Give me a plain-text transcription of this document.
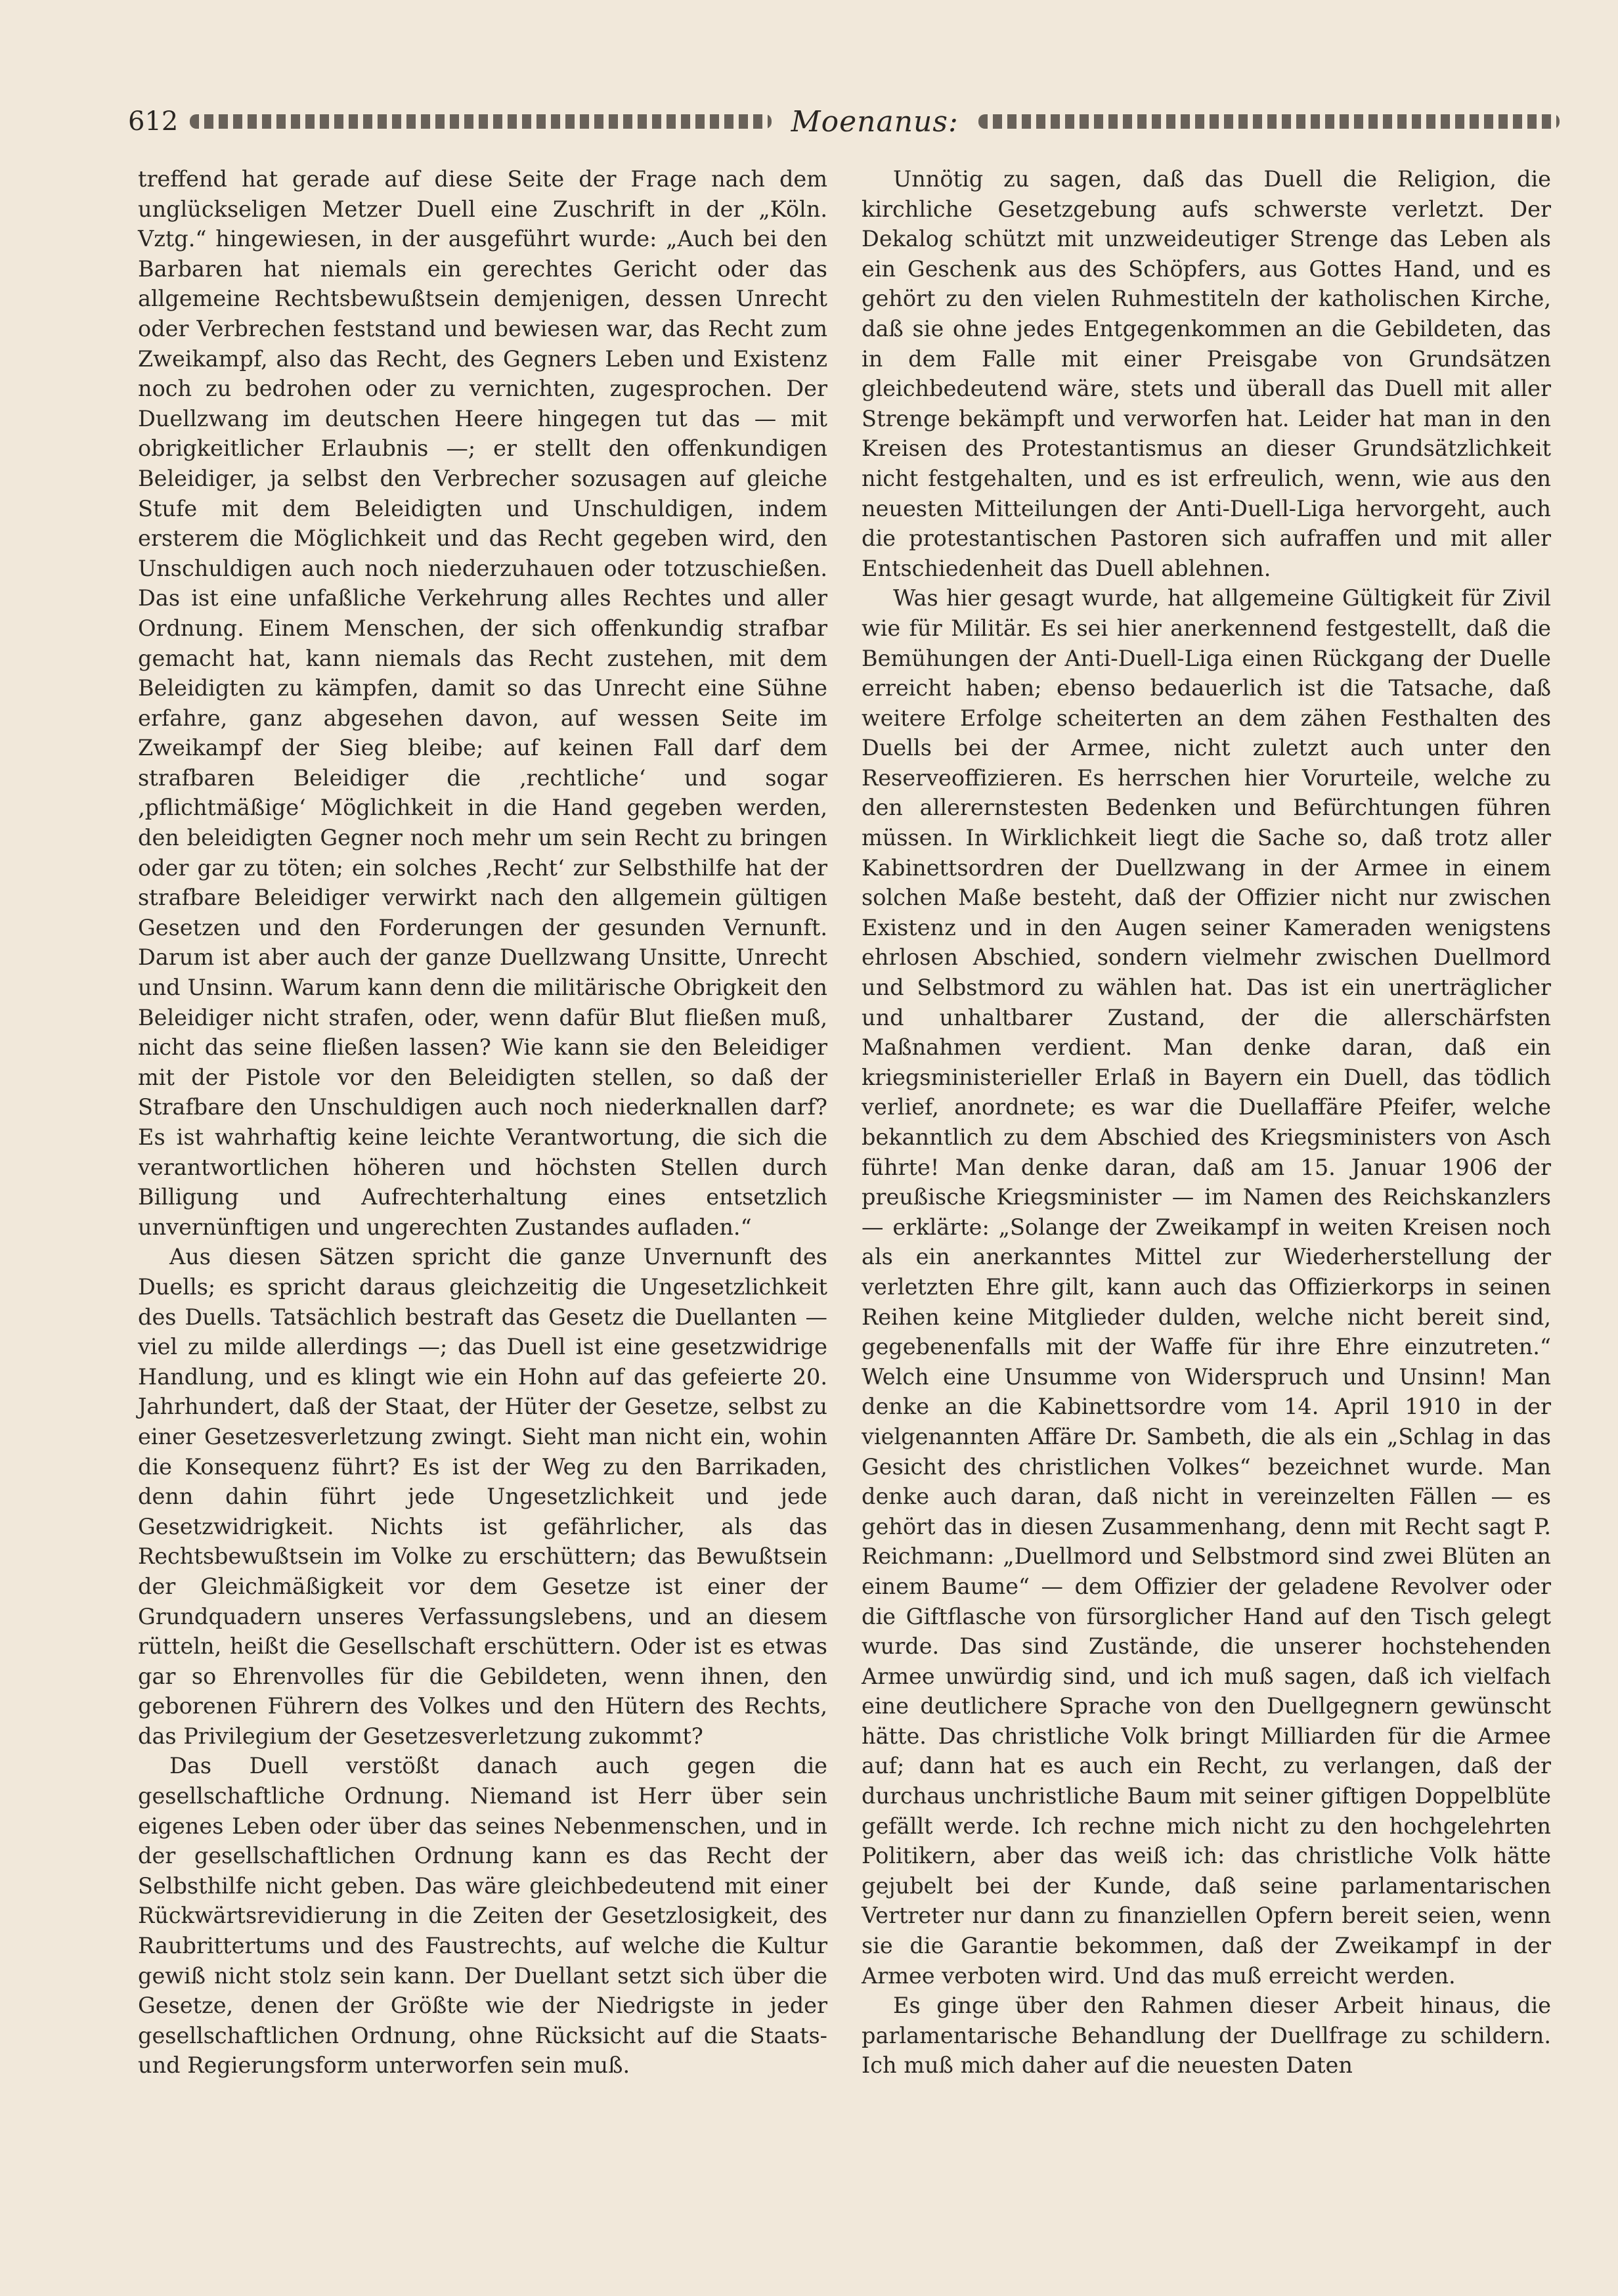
612	Moenanus:

treffend hat gerade auf diese Seite der Frage nach dem unglückseligen Metzer Duell eine Zuschrift in der „Köln. Vztg.“ hingewiesen, in der ausgeführt wurde: „Auch bei den Barbaren hat niemals ein gerechtes Gericht oder das allgemeine Rechtsbewußtsein demjenigen, dessen Unrecht oder Verbrechen feststand und bewiesen war, das Recht zum Zweikampf, also das Recht, des Gegners Leben und Existenz noch zu bedrohen oder zu vernichten, zugesprochen. Der Duellzwang im deutschen Heere hingegen tut das — mit obrigkeitlicher Erlaubnis —; er stellt den offenkundigen Beleidiger, ja selbst den Verbrecher sozusagen auf gleiche Stufe mit dem Beleidigten und Unschuldigen, indem ersterem die Möglichkeit und das Recht gegeben wird, den Unschuldigen auch noch niederzuhauen oder totzuschießen. Das ist eine unfaßliche Verkehrung alles Rechtes und aller Ordnung. Einem Menschen, der sich offenkundig strafbar gemacht hat, kann niemals das Recht zustehen, mit dem Beleidigten zu kämpfen, damit so das Unrecht eine Sühne erfahre, ganz abgesehen davon, auf wessen Seite im Zweikampf der Sieg bleibe; auf keinen Fall darf dem strafbaren Beleidiger die ‚rechtliche‘ und sogar ‚pflichtmäßige‘ Möglichkeit in die Hand gegeben werden, den beleidigten Gegner noch mehr um sein Recht zu bringen oder gar zu töten; ein solches ‚Recht‘ zur Selbsthilfe hat der strafbare Beleidiger verwirkt nach den allgemein gültigen Gesetzen und den Forderungen der gesunden Vernunft. Darum ist aber auch der ganze Duellzwang Unsitte, Unrecht und Unsinn. Warum kann denn die militärische Obrigkeit den Beleidiger nicht strafen, oder, wenn dafür Blut fließen muß, nicht das seine fließen lassen? Wie kann sie den Beleidiger mit der Pistole vor den Beleidigten stellen, so daß der Strafbare den Unschuldigen auch noch niederknallen darf? Es ist wahrhaftig keine leichte Verantwortung, die sich die verantwortlichen höheren und höchsten Stellen durch Billigung und Aufrechterhaltung eines entsetzlich unvernünftigen und ungerechten Zustandes aufladen.“

Aus diesen Sätzen spricht die ganze Unvernunft des Duells; es spricht daraus gleichzeitig die Ungesetzlichkeit des Duells. Tatsächlich bestraft das Gesetz die Duellanten — viel zu milde allerdings —; das Duell ist eine gesetzwidrige Handlung, und es klingt wie ein Hohn auf das gefeierte 20. Jahrhundert, daß der Staat, der Hüter der Gesetze, selbst zu einer Gesetzesverletzung zwingt. Sieht man nicht ein, wohin die Konsequenz führt? Es ist der Weg zu den Barrikaden, denn dahin führt jede Ungesetzlichkeit und jede Gesetzwidrigkeit. Nichts ist gefährlicher, als das Rechtsbewußtsein im Volke zu erschüttern; das Bewußtsein der Gleichmäßigkeit vor dem Gesetze ist einer der Grundquadern unseres Verfassungslebens, und an diesem rütteln, heißt die Gesellschaft erschüttern. Oder ist es etwas gar so Ehrenvolles für die Gebildeten, wenn ihnen, den geborenen Führern des Volkes und den Hütern des Rechts, das Privilegium der Gesetzesverletzung zukommt?

Das Duell verstößt danach auch gegen die gesellschaftliche Ordnung. Niemand ist Herr über sein eigenes Leben oder über das seines Nebenmenschen, und in der gesellschaftlichen Ordnung kann es das Recht der Selbsthilfe nicht geben. Das wäre gleichbedeutend mit einer Rückwärtsrevidierung in die Zeiten der Gesetzlosigkeit, des Raubrittertums und des Faustrechts, auf welche die Kultur gewiß nicht stolz sein kann. Der Duellant setzt sich über die Gesetze, denen der Größte wie der Niedrigste in jeder gesellschaftlichen Ordnung, ohne Rücksicht auf die Staats- und Regierungsform unterworfen sein muß.

Unnötig zu sagen, daß das Duell die Religion, die kirchliche Gesetzgebung aufs schwerste verletzt. Der Dekalog schützt mit unzweideutiger Strenge das Leben als ein Geschenk aus des Schöpfers, aus Gottes Hand, und es gehört zu den vielen Ruhmestiteln der katholischen Kirche, daß sie ohne jedes Entgegenkommen an die Gebildeten, das in dem Falle mit einer Preisgabe von Grundsätzen gleichbedeutend wäre, stets und überall das Duell mit aller Strenge bekämpft und verworfen hat. Leider hat man in den Kreisen des Protestantismus an dieser Grundsätzlichkeit nicht festgehalten, und es ist erfreulich, wenn, wie aus den neuesten Mitteilungen der Anti-Duell-Liga hervorgeht, auch die protestantischen Pastoren sich aufraffen und mit aller Entschiedenheit das Duell ablehnen.

Was hier gesagt wurde, hat allgemeine Gültigkeit für Zivil wie für Militär. Es sei hier anerkennend festgestellt, daß die Bemühungen der Anti-Duell-Liga einen Rückgang der Duelle erreicht haben; ebenso bedauerlich ist die Tatsache, daß weitere Erfolge scheiterten an dem zähen Festhalten des Duells bei der Armee, nicht zuletzt auch unter den Reserveoffizieren. Es herrschen hier Vorurteile, welche zu den allerernstesten Bedenken und Befürchtungen führen müssen. In Wirklichkeit liegt die Sache so, daß trotz aller Kabinettsordren der Duellzwang in der Armee in einem solchen Maße besteht, daß der Offizier nicht nur zwischen Existenz und in den Augen seiner Kameraden wenigstens ehrlosen Abschied, sondern vielmehr zwischen Duellmord und Selbstmord zu wählen hat. Das ist ein unerträglicher und unhaltbarer Zustand, der die allerschärfsten Maßnahmen verdient. Man denke daran, daß ein kriegsministerieller Erlaß in Bayern ein Duell, das tödlich verlief, anordnete; es war die Duellaffäre Pfeifer, welche bekanntlich zu dem Abschied des Kriegsministers von Asch führte! Man denke daran, daß am 15. Januar 1906 der preußische Kriegsminister — im Namen des Reichskanzlers — erklärte: „Solange der Zweikampf in weiten Kreisen noch als ein anerkanntes Mittel zur Wiederherstellung der verletzten Ehre gilt, kann auch das Offizierkorps in seinen Reihen keine Mitglieder dulden, welche nicht bereit sind, gegebenenfalls mit der Waffe für ihre Ehre einzutreten.“ Welch eine Unsumme von Widerspruch und Unsinn! Man denke an die Kabinettsordre vom 14. April 1910 in der vielgenannten Affäre Dr. Sambeth, die als ein „Schlag in das Gesicht des christlichen Volkes“ bezeichnet wurde. Man denke auch daran, daß nicht in vereinzelten Fällen — es gehört das in diesen Zusammenhang, denn mit Recht sagt P. Reichmann: „Duellmord und Selbstmord sind zwei Blüten an einem Baume“ — dem Offizier der geladene Revolver oder die Giftflasche von fürsorglicher Hand auf den Tisch gelegt wurde. Das sind Zustände, die unserer hochstehenden Armee unwürdig sind, und ich muß sagen, daß ich vielfach eine deutlichere Sprache von den Duellgegnern gewünscht hätte. Das christliche Volk bringt Milliarden für die Armee auf; dann hat es auch ein Recht, zu verlangen, daß der durchaus unchristliche Baum mit seiner giftigen Doppelblüte gefällt werde. Ich rechne mich nicht zu den hochgelehrten Politikern, aber das weiß ich: das christliche Volk hätte gejubelt bei der Kunde, daß seine parlamentarischen Vertreter nur dann zu finanziellen Opfern bereit seien, wenn sie die Garantie bekommen, daß der Zweikampf in der Armee verboten wird. Und das muß erreicht werden.

Es ginge über den Rahmen dieser Arbeit hinaus, die parlamentarische Behandlung der Duellfrage zu schildern. Ich muß mich daher auf die neuesten Daten
